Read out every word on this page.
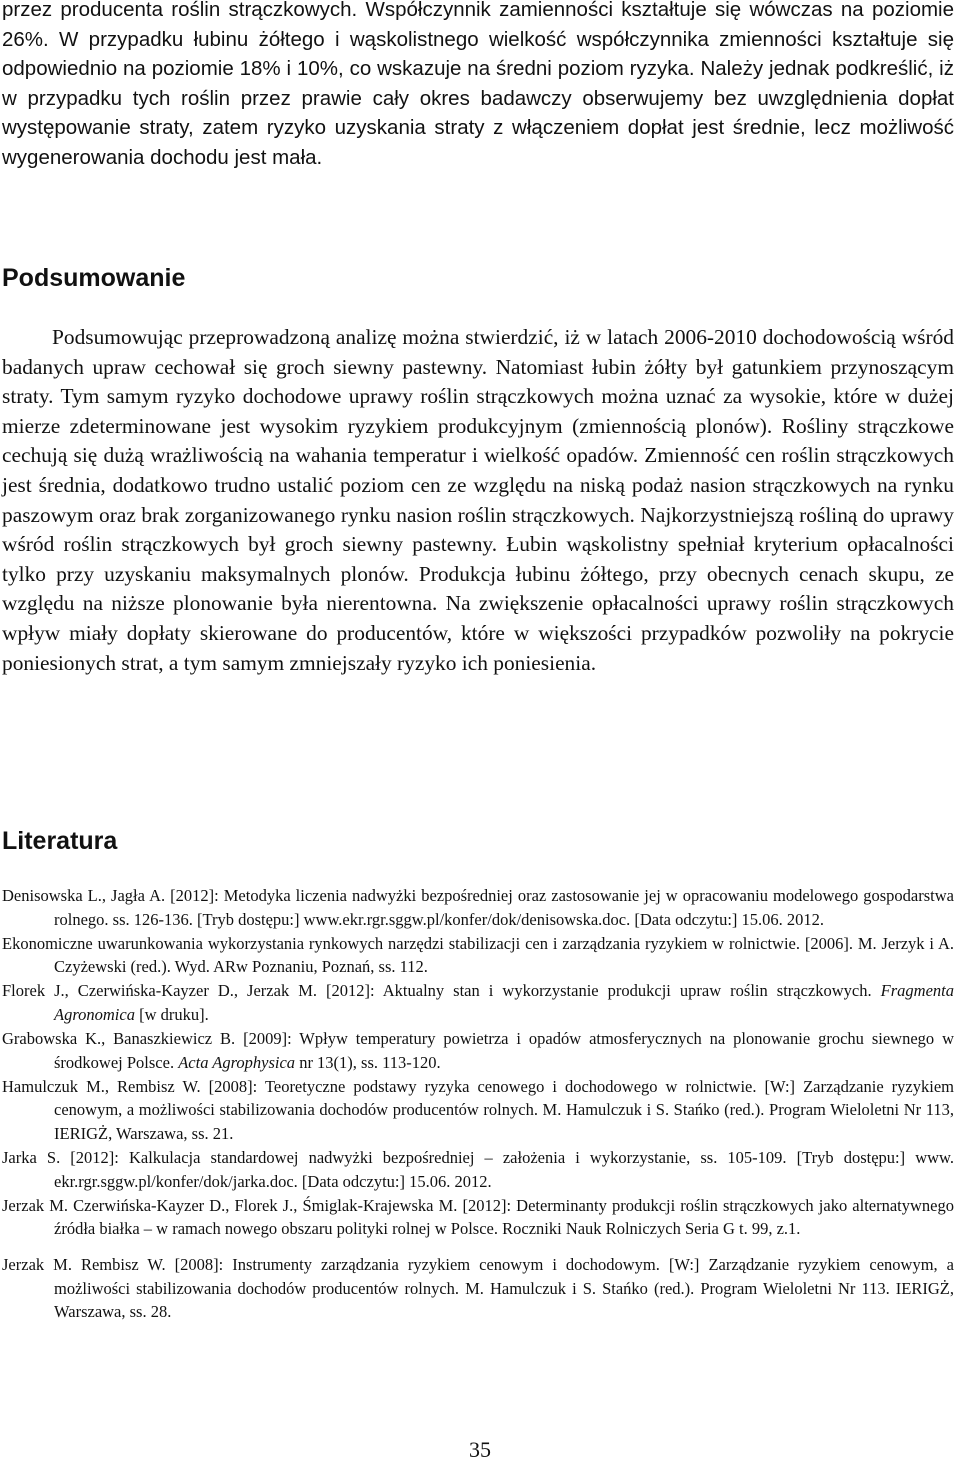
przez producenta roślin strączkowych. Współczynnik zamienności kształtuje się wówczas na poziomie 26%. W przypadku łubinu żółtego i wąskolistnego wielkość współczynnika zmienności kształtuje się odpowiednio na poziomie 18% i 10%, co wskazuje na średni poziom ryzyka. Należy jednak podkreślić, iż w przypadku tych roślin przez prawie cały okres badawczy obserwujemy bez uwzględnienia dopłat występowanie straty, zatem ryzyko uzyskania straty z włączeniem dopłat jest średnie, lecz możliwość wygenerowania dochodu jest mała.

Podsumowanie

Podsumowując przeprowadzoną analizę można stwierdzić, iż w latach 2006-2010 dochodowością wśród badanych upraw cechował się groch siewny pastewny. Natomiast łubin żółty był gatunkiem przynoszącym straty. Tym samym ryzyko dochodowe uprawy roślin strączkowych można uznać za wysokie, które w dużej mierze zdeterminowane jest wysokim ryzykiem produkcyjnym (zmiennością plonów). Rośliny strączkowe cechują się dużą wrażliwością na wahania temperatur i wielkość opadów. Zmienność cen roślin strączkowych jest średnia, dodatkowo trudno ustalić poziom cen ze względu na niską podaż nasion strączkowych na rynku paszowym oraz brak zorganizowanego rynku nasion roślin strączkowych. Najkorzystniejszą rośliną do uprawy wśród roślin strączkowych był groch siewny pastewny. Łubin wąskolistny spełniał kryterium opłacalności tylko przy uzyskaniu maksymalnych plonów. Produkcja łubinu żółtego, przy obecnych cenach skupu, ze względu na niższe plonowanie była nierentowna. Na zwiększenie opłacalności uprawy roślin strączkowych wpływ miały dopłaty skierowane do producentów, które w większości przypadków pozwoliły na pokrycie poniesionych strat, a tym samym zmniejszały ryzyko ich poniesienia.

Literatura

Denisowska L., Jagła A. [2012]: Metodyka liczenia nadwyżki bezpośredniej oraz zastosowanie jej w opracowaniu modelowego gospodarstwa rolnego. ss. 126-136. [Tryb dostępu:] www.ekr.rgr.sggw.pl/konfer/dok/denisowska.doc. [Data odczytu:] 15.06. 2012.

Ekonomiczne uwarunkowania wykorzystania rynkowych narzędzi stabilizacji cen i zarządzania ryzykiem w rolnictwie. [2006]. M. Jerzyk i A. Czyżewski (red.). Wyd. ARw Poznaniu, Poznań, ss. 112.

Florek J., Czerwińska-Kayzer D., Jerzak M. [2012]: Aktualny stan i wykorzystanie produkcji upraw roślin strączkowych. Fragmenta Agronomica [w druku].

Grabowska K., Banaszkiewicz B. [2009]: Wpływ temperatury powietrza i opadów atmosferycznych na plonowanie grochu siewnego w środkowej Polsce. Acta Agrophysica nr 13(1), ss. 113-120.

Hamulczuk M., Rembisz W. [2008]: Teoretyczne podstawy ryzyka cenowego i dochodowego w rolnictwie. [W:] Zarządzanie ryzykiem cenowym, a możliwości stabilizowania dochodów producentów rolnych. M. Hamulczuk i S. Stańko (red.). Program Wieloletni Nr 113, IERIGŻ, Warszawa, ss. 21.

Jarka S. [2012]: Kalkulacja standardowej nadwyżki bezpośredniej – założenia i wykorzystanie, ss. 105-109. [Tryb dostępu:] www. ekr.rgr.sggw.pl/konfer/dok/jarka.doc. [Data odczytu:] 15.06. 2012.

Jerzak M. Czerwińska-Kayzer D., Florek J., Śmiglak-Krajewska M. [2012]: Determinanty produkcji roślin strączkowych jako alternatywnego źródła białka – w ramach nowego obszaru polityki rolnej w Polsce. Roczniki Nauk Rolniczych Seria G t. 99, z.1.

Jerzak M. Rembisz W. [2008]: Instrumenty zarządzania ryzykiem cenowym i dochodowym. [W:] Zarządzanie ryzykiem cenowym, a możliwości stabilizowania dochodów producentów rolnych. M. Hamulczuk i S. Stańko (red.). Program Wieloletni Nr 113. IERIGŻ, Warszawa, ss. 28.

35
